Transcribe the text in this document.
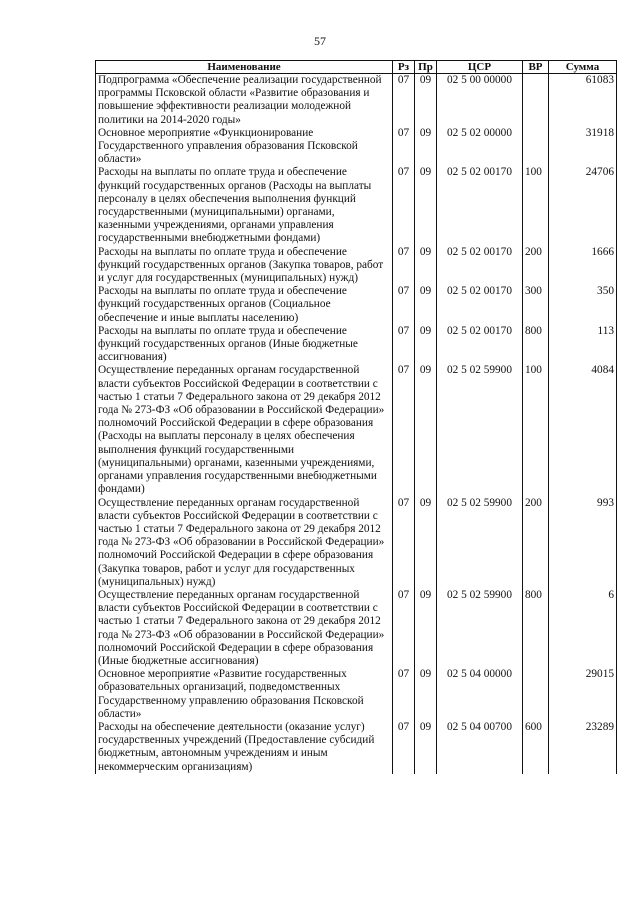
57
Наименование	Рз	Пр	ЦСР	ВР	Сумма
Подпрограмма «Обеспечение реализации государственной программы Псковской области «Развитие образования и повышение эффективности реализации молодежной политики на 2014-2020 годы»	07	09	02 5 00 00000		61083
Основное мероприятие «Функционирование Государственного управления образования Псковской области»	07	09	02 5 02 00000		31918
Расходы на выплаты по оплате труда и обеспечение функций государственных органов (Расходы на выплаты персоналу в целях обеспечения выполнения функций государственными (муниципальными) органами, казенными учреждениями, органами управления государственными внебюджетными фондами)	07	09	02 5 02 00170	100	24706
Расходы на выплаты по оплате труда и обеспечение функций государственных органов (Закупка товаров, работ и услуг для государственных (муниципальных) нужд)	07	09	02 5 02 00170	200	1666
Расходы на выплаты по оплате труда и обеспечение функций государственных органов (Социальное обеспечение и иные выплаты населению)	07	09	02 5 02 00170	300	350
Расходы на выплаты по оплате труда и обеспечение функций государственных органов (Иные бюджетные ассигнования)	07	09	02 5 02 00170	800	113
Осуществление переданных органам государственной власти субъектов Российской Федерации в соответствии с частью 1 статьи 7 Федерального закона от 29 декабря 2012 года № 273-ФЗ «Об образовании в Российской Федерации» полномочий Российской Федерации в сфере образования (Расходы на выплаты персоналу в целях обеспечения выполнения функций государственными (муниципальными) органами, казенными учреждениями, органами управления государственными внебюджетными фондами)	07	09	02 5 02 59900	100	4084
Осуществление переданных органам государственной власти субъектов Российской Федерации в соответствии с частью 1 статьи 7 Федерального закона от 29 декабря 2012 года № 273-ФЗ «Об образовании в Российской Федерации» полномочий Российской Федерации в сфере образования (Закупка товаров, работ и услуг для государственных (муниципальных) нужд)	07	09	02 5 02 59900	200	993
Осуществление переданных органам государственной власти субъектов Российской Федерации в соответствии с частью 1 статьи 7 Федерального закона от 29 декабря 2012 года № 273-ФЗ «Об образовании в Российской Федерации» полномочий Российской Федерации в сфере образования (Иные бюджетные ассигнования)	07	09	02 5 02 59900	800	6
Основное мероприятие «Развитие государственных образовательных организаций, подведомственных Государственному управлению образования Псковской области»	07	09	02 5 04 00000		29015
Расходы на обеспечение деятельности (оказание услуг) государственных учреждений (Предоставление субсидий бюджетным, автономным учреждениям и иным некоммерческим организациям)	07	09	02 5 04 00700	600	23289
